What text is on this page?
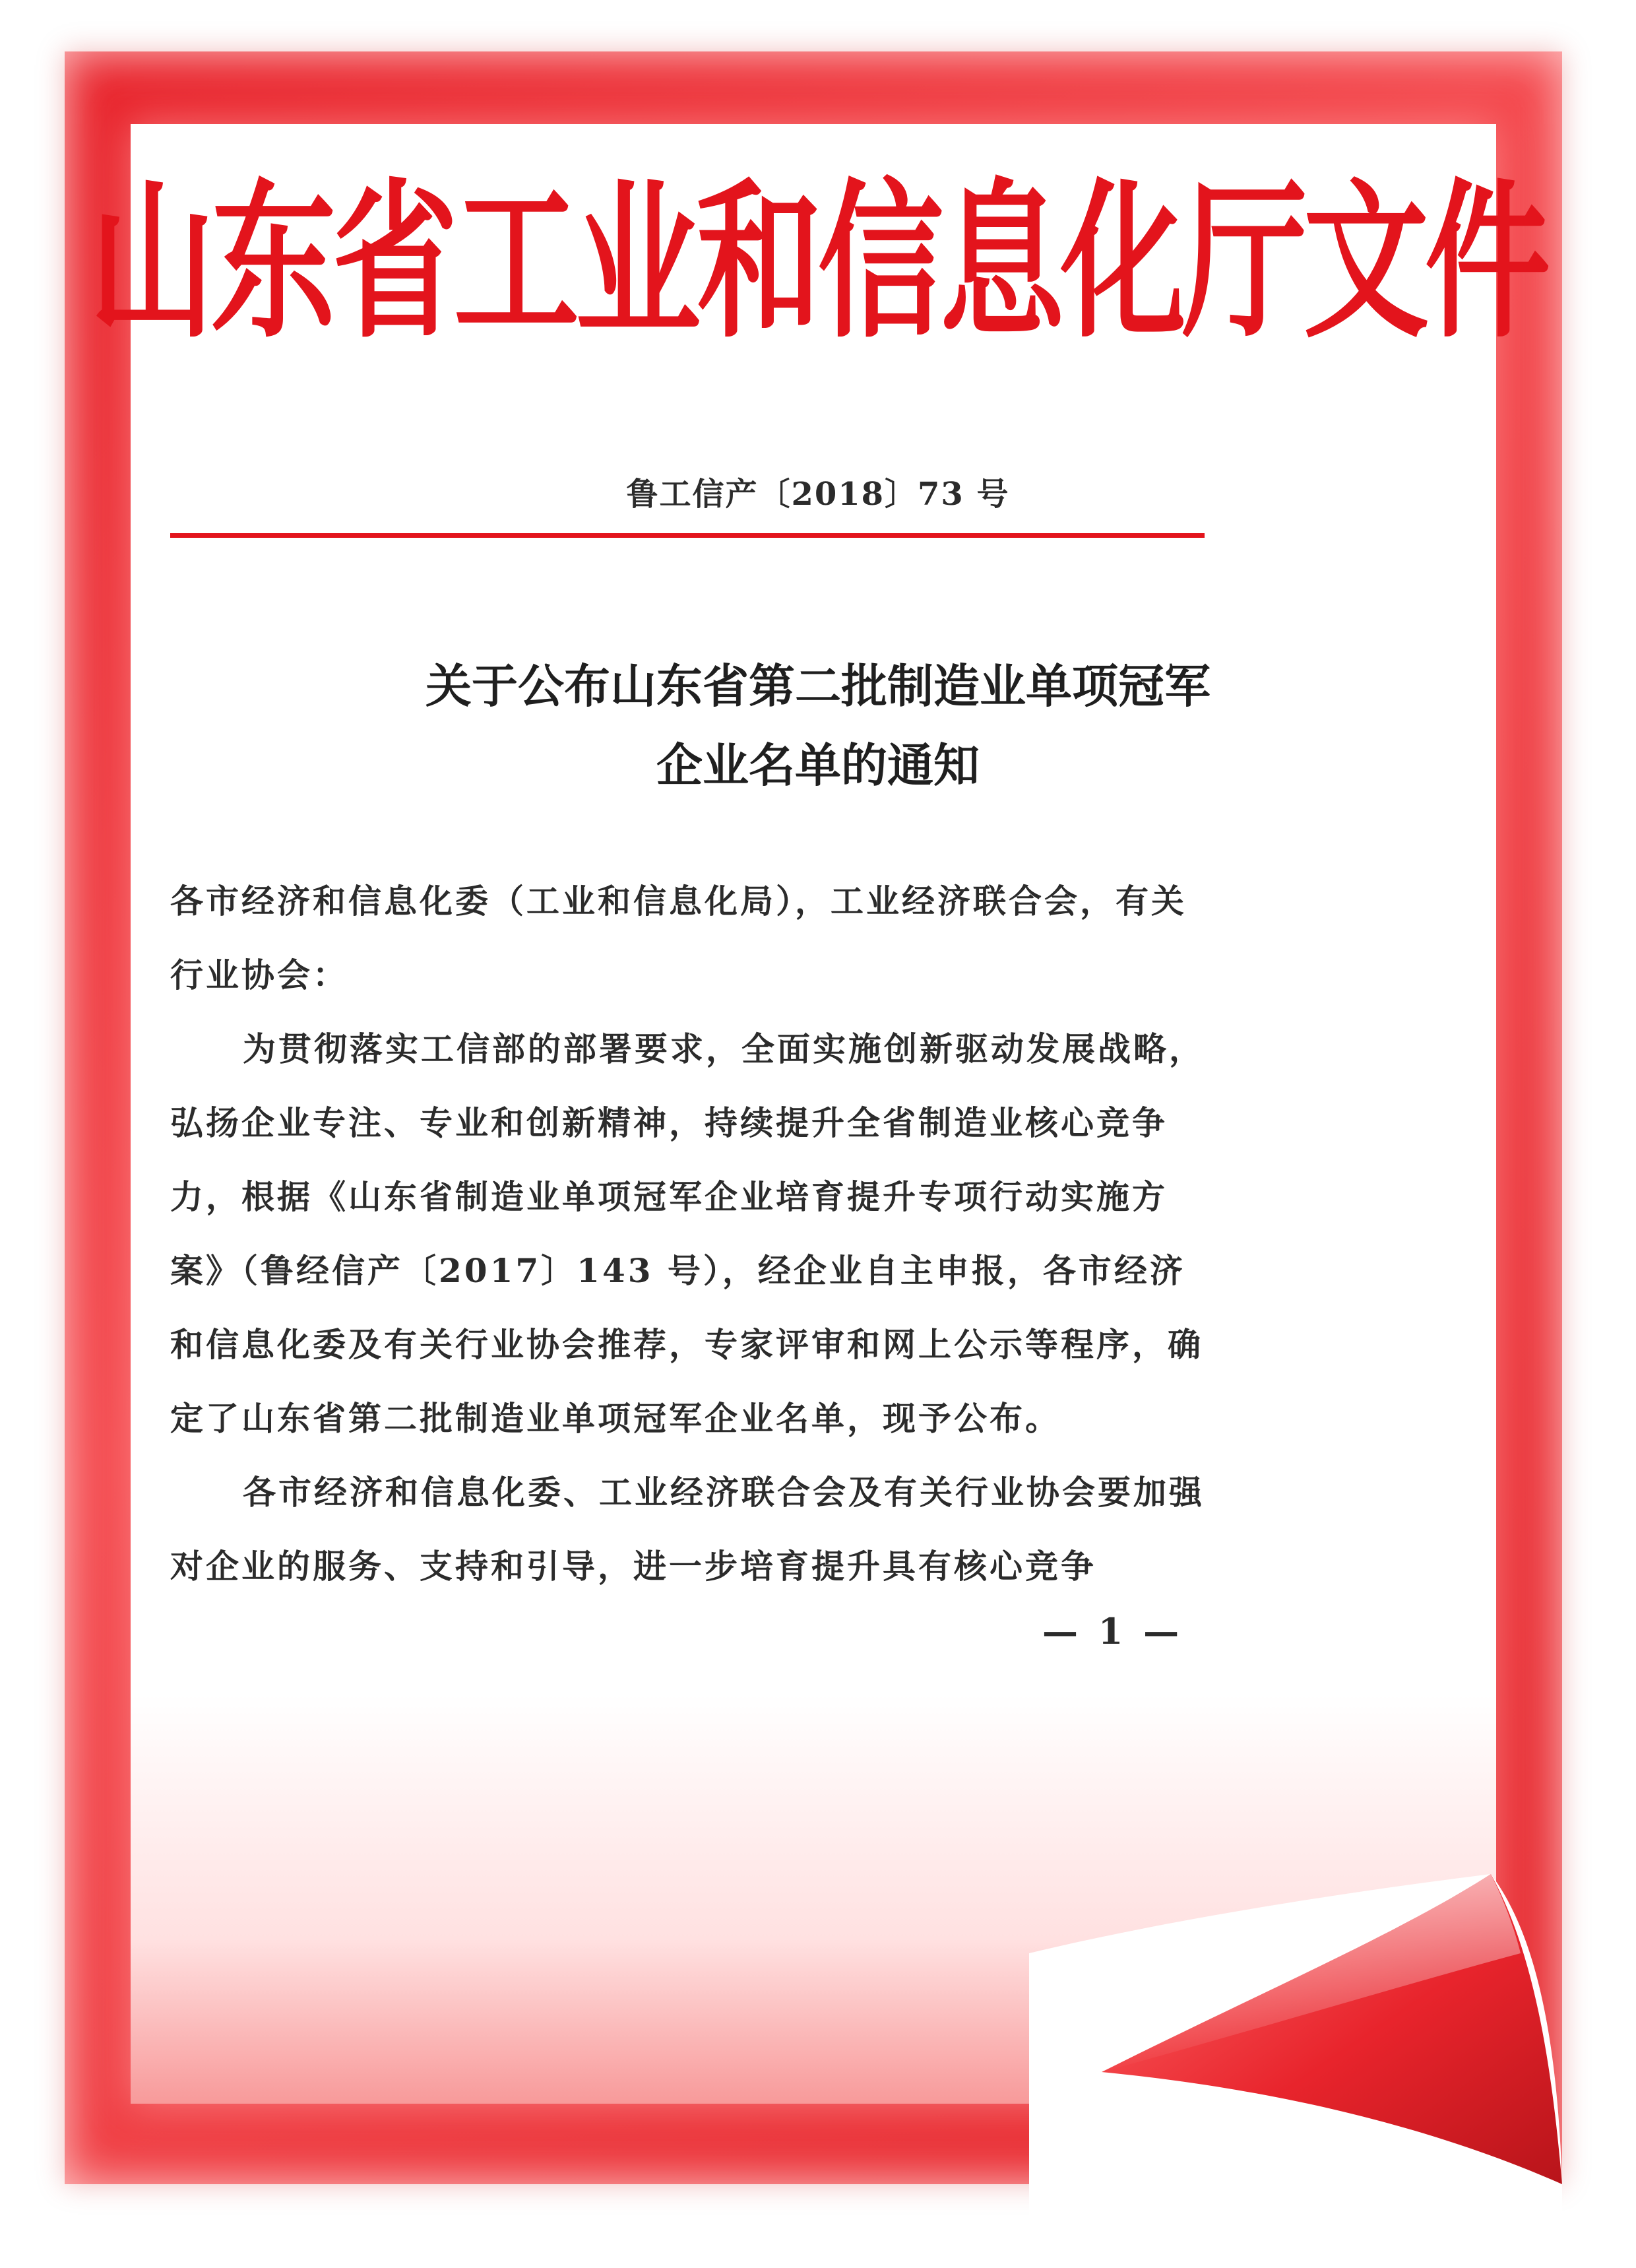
山东省工业和信息化厅文件
鲁工信产〔2018〕73 号
关于公布山东省第二批制造业单项冠军
企业名单的通知

各市经济和信息化委（工业和信息化局），工业经济联合会，有关行业协会：

为贯彻落实工信部的部署要求，全面实施创新驱动发展战略，弘扬企业专注、专业和创新精神，持续提升全省制造业核心竞争力，根据《山东省制造业单项冠军企业培育提升专项行动实施方案》（鲁经信产〔2017〕143 号），经企业自主申报，各市经济和信息化委及有关行业协会推荐，专家评审和网上公示等程序，确定了山东省第二批制造业单项冠军企业名单，现予公布。

各市经济和信息化委、工业经济联合会及有关行业协会要加强对企业的服务、支持和引导，进一步培育提升具有核心竞争

— 1 —
